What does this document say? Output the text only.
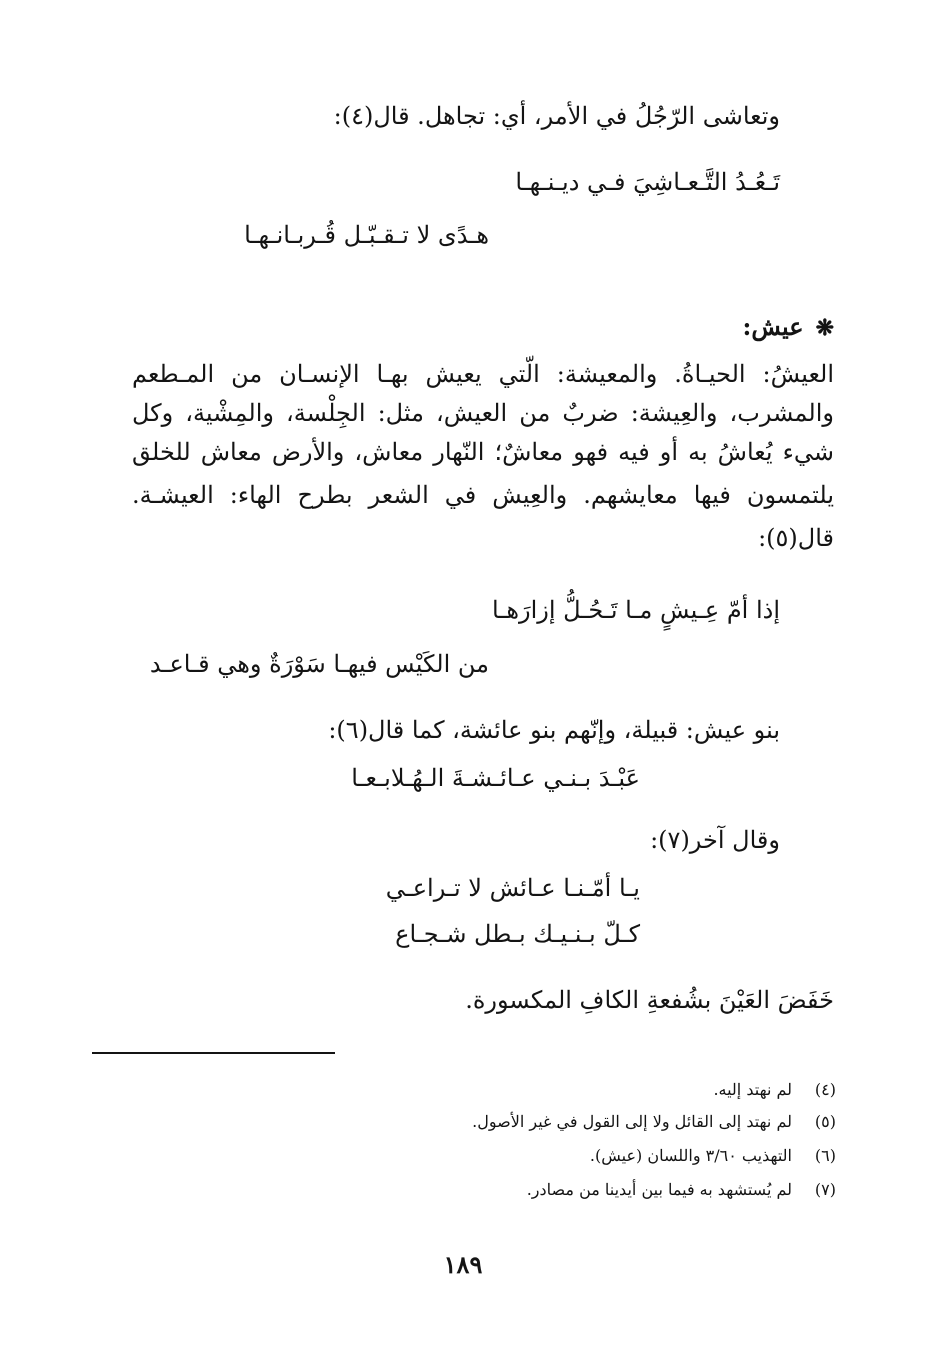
وتعاشى الرّجُلُ في الأمر، أي: تجاهل. قال(٤):
تَـعُـدُ التَّـعـاشِيَ فـي ديـنـهـا
هـدًى لا تـقـبّـل قُـربـانـهـا
❋عيش:
العيشُ: الحيـاةُ. والمعيشة: الّتي يعيش بهـا الإنسـان من المـطعم
والمشرب، والعِيشة: ضربٌ من العيش، مثل: الجِلْسة، والمِشْية، وكل
شيء يُعاشُ به أو فيه فهو معاشٌ؛ النّهار معاش، والأرض معاش للخلق
يلتمسون فيها معايشهم. والعِيش في الشعر بطرح الهاء: العيشـة.
قال(٥):
إذا أمّ عِـيشٍ مـا تَـحُـلُّ إزارَهـا
من الكَيْس فيهـا سَوْرَةٌ وهي قـاعـد
بنو عيش: قبيلة، وإنّهم بنو عائشة، كما قال(٦):
عَبْـدَ بـنـي عـائـشـةَ الـهُـلابـعـا
وقال آخر(٧):
يـا أمّـنـا عـائش لا تـراعـي
كـلّ بـنـيـك بـطل شـجـاع
خَفَضَ العَيْنَ بشُفعةِ الكافِ المكسورة.
(٤)لم نهتد إليه.
(٥)لم نهتد إلى القائل ولا إلى القول في غير الأصول.
(٦)التهذيب ٣/٦٠ واللسان (عيش).
(٧)لم يُستشهد به فيما بين أيدينا من مصادر.
١٨٩
